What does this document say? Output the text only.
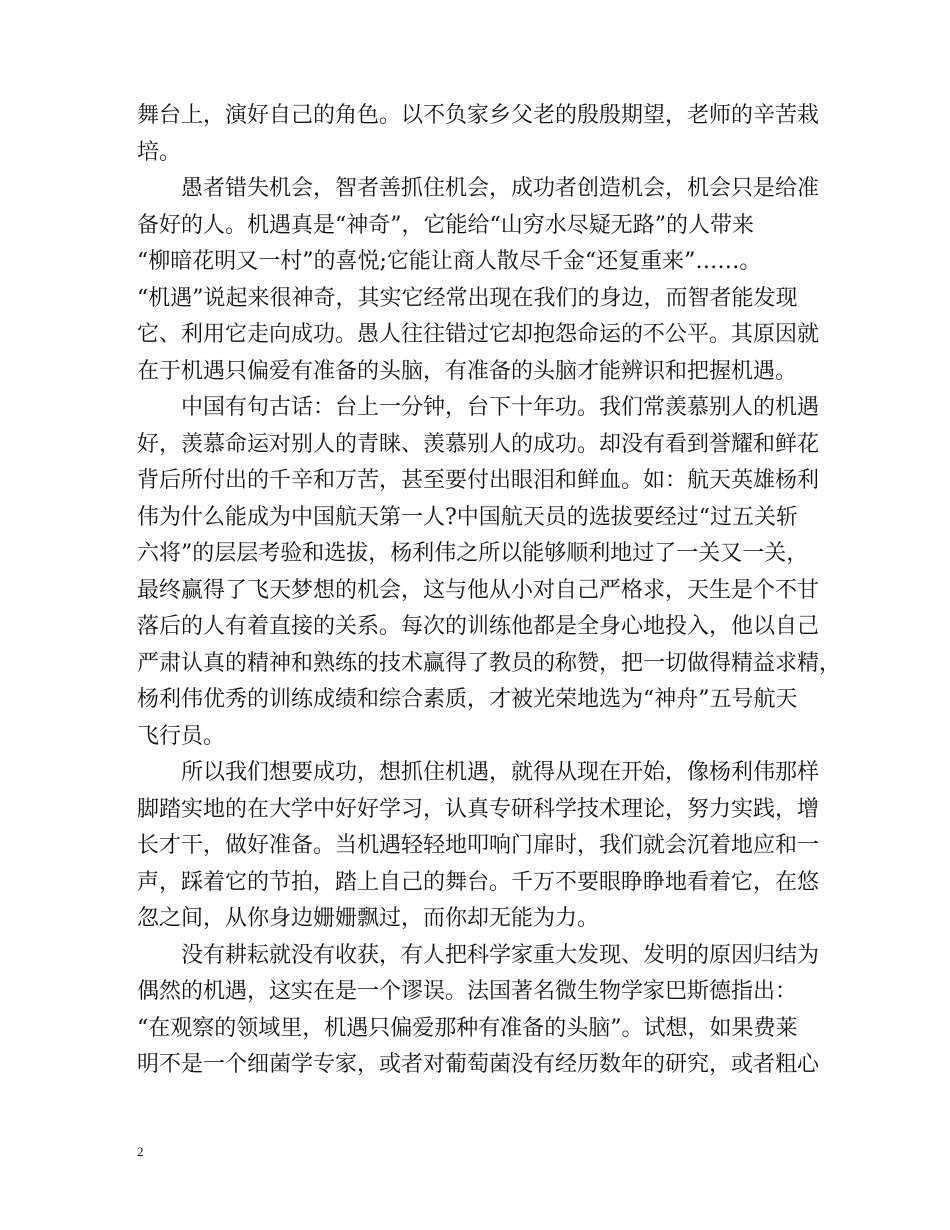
舞台上，演好自己的角色。以不负家乡父老的殷殷期望，老师的辛苦栽
培。

愚者错失机会，智者善抓住机会，成功者创造机会，机会只是给准
备好的人。机遇真是“神奇”，它能给“山穷水尽疑无路”的人带来
“柳暗花明又一村”的喜悦;它能让商人散尽千金“还复重来”……。
“机遇”说起来很神奇，其实它经常出现在我们的身边，而智者能发现
它、利用它走向成功。愚人往往错过它却抱怨命运的不公平。其原因就
在于机遇只偏爱有准备的头脑，有准备的头脑才能辨识和把握机遇。

中国有句古话：台上一分钟，台下十年功。我们常羡慕别人的机遇
好，羡慕命运对别人的青睐、羡慕别人的成功。却没有看到誉耀和鲜花
背后所付出的千辛和万苦，甚至要付出眼泪和鲜血。如：航天英雄杨利
伟为什么能成为中国航天第一人?中国航天员的选拔要经过“过五关斩
六将”的层层考验和选拔，杨利伟之所以能够顺利地过了一关又一关，
最终赢得了飞天梦想的机会，这与他从小对自己严格求，天生是个不甘
落后的人有着直接的关系。每次的训练他都是全身心地投入，他以自己
严肃认真的精神和熟练的技术赢得了教员的称赞，把一切做得精益求精，
杨利伟优秀的训练成绩和综合素质，才被光荣地选为“神舟”五号航天
飞行员。

所以我们想要成功，想抓住机遇，就得从现在开始，像杨利伟那样
脚踏实地的在大学中好好学习，认真专研科学技术理论，努力实践，增
长才干，做好准备。当机遇轻轻地叩响门扉时，我们就会沉着地应和一
声，踩着它的节拍，踏上自己的舞台。千万不要眼睁睁地看着它，在悠
忽之间，从你身边姗姗飘过，而你却无能为力。

没有耕耘就没有收获，有人把科学家重大发现、发明的原因归结为
偶然的机遇，这实在是一个谬误。法国著名微生物学家巴斯德指出：
“在观察的领域里，机遇只偏爱那种有准备的头脑”。试想，如果费莱
明不是一个细菌学专家，或者对葡萄菌没有经历数年的研究，或者粗心

2
